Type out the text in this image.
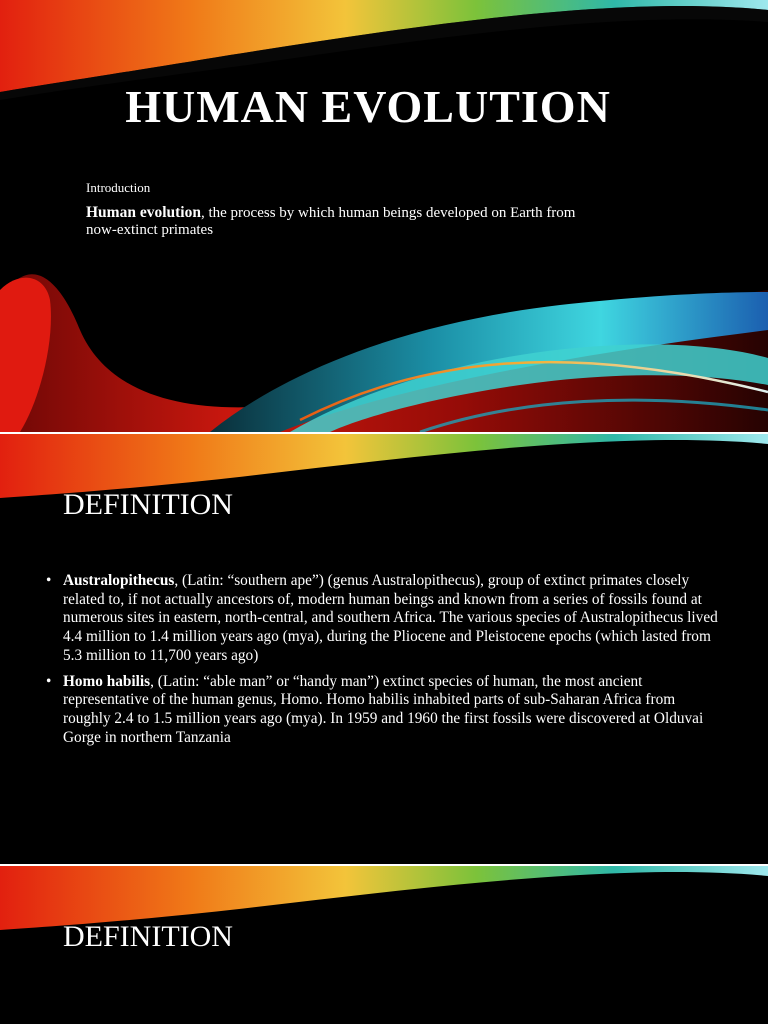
HUMAN EVOLUTION
Introduction
Human evolution, the process by which human beings developed on Earth from now-extinct primates
DEFINITION
• Australopithecus, (Latin: “southern ape”) (genus Australopithecus), group of extinct primates closely related to, if not actually ancestors of, modern human beings and known from a series of fossils found at numerous sites in eastern, north-central, and southern Africa. The various species of Australopithecus lived 4.4 million to 1.4 million years ago (mya), during the Pliocene and Pleistocene epochs (which lasted from 5.3 million to 11,700 years ago)
• Homo habilis, (Latin: “able man” or “handy man”) extinct species of human, the most ancient representative of the human genus, Homo. Homo habilis inhabited parts of sub-Saharan Africa from roughly 2.4 to 1.5 million years ago (mya). In 1959 and 1960 the first fossils were discovered at Olduvai Gorge in northern Tanzania
DEFINITION
